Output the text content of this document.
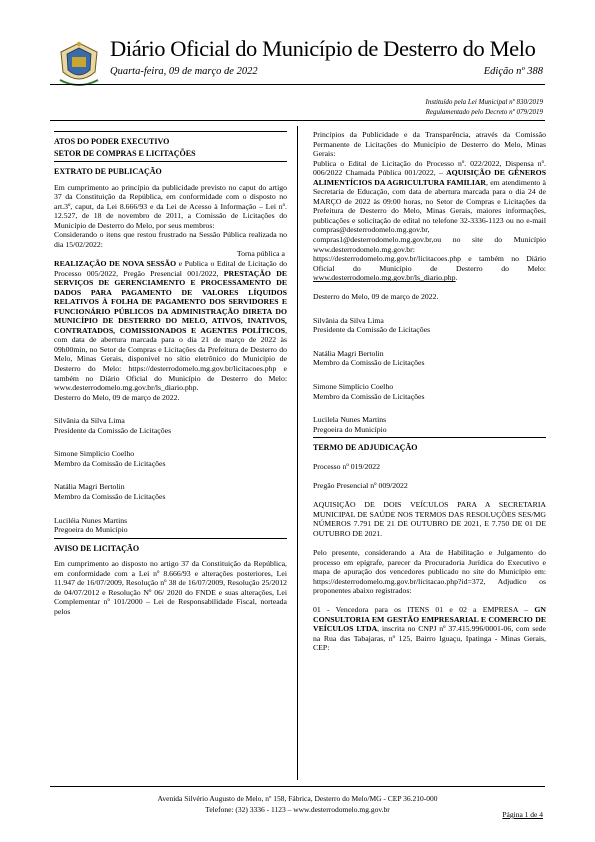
Diário Oficial do Município de Desterro do Melo
Quarta-feira, 09 de março de 2022	Edição nº 388
Instituído pela Lei Municipal nº 830/2019
Regulamentado pelo Decreto nº 079/2019

ATOS DO PODER EXECUTIVO

SETOR DE COMPRAS E LICITAÇÕES

EXTRATO DE PUBLICAÇÃO

Em cumprimento ao princípio da publicidade previsto no caput do artigo 37 da Constituição da República, em conformidade com o disposto no art.3º, caput, da Lei 8.666/93 e da Lei de Acesso à Informação – Lei nº. 12.527, de 18 de novembro de 2011, a Comissão de Licitações do Município de Desterro do Melo, por seus membros:

Considerando o itens que restou frustrado na Sessão Pública realizada no dia 15/02/2022:

Torna pública a

REALIZAÇÃO DE NOVA SESSÃO e Publica o Edital de Licitação do Processo 005/2022, Pregão Presencial 001/2022, PRESTAÇÃO DE SERVIÇOS DE GERENCIAMENTO E PROCESSAMENTO DE DADOS PARA PAGAMENTO DE VALORES LÍQUIDOS RELATIVOS À FOLHA DE PAGAMENTO DOS SERVIDORES E FUNCIONÁRIO PÚBLICOS DA ADMINISTRAÇÃO DIRETA DO MUNICÍPIO DE DESTERRO DO MELO, ATIVOS, INATIVOS, CONTRATADOS, COMISSIONADOS E AGENTES POLÍTICOS, com data de abertura marcada para o dia 21 de março de 2022 às 09h00min, no Setor de Compras e Licitações da Prefeitura de Desterro do Melo, Minas Gerais, disponível no sítio eletrônico do Município de Desterro do Melo: https://desterrodomelo.mg.gov.br/licitacoes.php e também no Diário Oficial do Município de Desterro do Melo: www.desterrodomelo.mg.gov.br/ls_diario.php.

Desterro do Melo, 09 de março de 2022.

Silvânia da Silva Lima

Presidente da Comissão de Licitações

Simone Simplício Coelho

Membro da Comissão de Licitações

Natália Magri Bertolin

Membro da Comissão de Licitações

Luciléia Nunes Martins

Pregoeira do Município

AVISO DE LICITAÇÃO

Em cumprimento ao disposto no artigo 37 da Constituição da República, em conformidade com a Lei nº 8.666/93 e alterações posteriores, Lei 11.947 de 16/07/2009, Resolução nº 38 de 16/07/2009, Resolução 25/2012 de 04/07/2012 e Resolução Nº 06/ 2020 do FNDE e suas alterações, Lei Complementar nº 101/2000 – Lei de Responsabilidade Fiscal, norteada pelos

Princípios da Publicidade e da Transparência, através da Comissão Permanente de Licitações do Município de Desterro do Melo, Minas Gerais:

Publica o Edital de Licitação do Processo nº. 022/2022, Dispensa nº. 006/2022 Chamada Pública 001/2022, – AQUISIÇÃO DE GÊNEROS ALIMENTÍCIOS DA AGRICULTURA FAMILIAR, em atendimento à Secretaria de Educação, com data de abertura marcada para o dia 24 de MARÇO de 2022 às 09:00 horas, no Setor de Compras e Licitações da Prefeitura de Desterro do Melo, Minas Gerais, maiores informações, publicações e solicitação de edital no telefone 32-3336-1123 ou no e-mail compras@desterrodomelo.mg.gov.br, compras1@desterrodomelo.mg.gov.br,ou no site do Município www.desterrodomelo.mg.gov.br: https://desterrodomelo.mg.gov.br/licitacoes.php e também no Diário Oficial do Município de Desterro do Melo: www.desterrodomelo.mg.gov.br/ls_diario.php.

Desterro do Melo, 09 de março de 2022.

Silvânia da Silva Lima

Presidente da Comissão de Licitações

Natália Magri Bertolin

Membro da Comissão de Licitações

Simone Simplício Coelho

Membro da Comissão de Licitações

Lucilela Nunes Martins

Pregoeira do Município

TERMO DE ADJUDICAÇÃO

Processo nº 019/2022

Pregão Presencial nº 009/2022

AQUISIÇÃO DE DOIS VEÍCULOS PARA A SECRETARIA MUNICIPAL DE SAÚDE NOS TERMOS DAS RESOLUÇÕES SES/MG NÚMEROS 7.791 DE 21 DE OUTUBRO DE 2021, E 7.750 DE 01 DE OUTUBRO DE 2021.

Pelo presente, considerando a Ata de Habilitação e Julgamento do processo em epígrafe, parecer da Procuradoria Jurídica do Executivo e mapa de apuração dos vencedores publicado no site do Município em: https://desterrodomelo.mg.gov.br/licitacao.php?id=372, Adjudico os proponentes abaixo registrados:

01 - Vencedora para os ITENS 01 e 02 a EMPRESA – GN CONSULTORIA EM GESTÃO EMPRESARIAL E COMERCIO DE VEÍCULOS LTDA, inscrita no CNPJ nº 37.415.996/0001-06, com sede na Rua das Tabajaras, nº 125, Bairro Iguaçu, Ipatinga - Minas Gerais, CEP:

Avenida Silvério Augusto de Melo, nº 158, Fábrica, Desterro do Melo/MG - CEP 36.210-000
Telefone: (32) 3336 - 1123 – www.desterrodomelo.mg.gov.br
Página 1 de 4
